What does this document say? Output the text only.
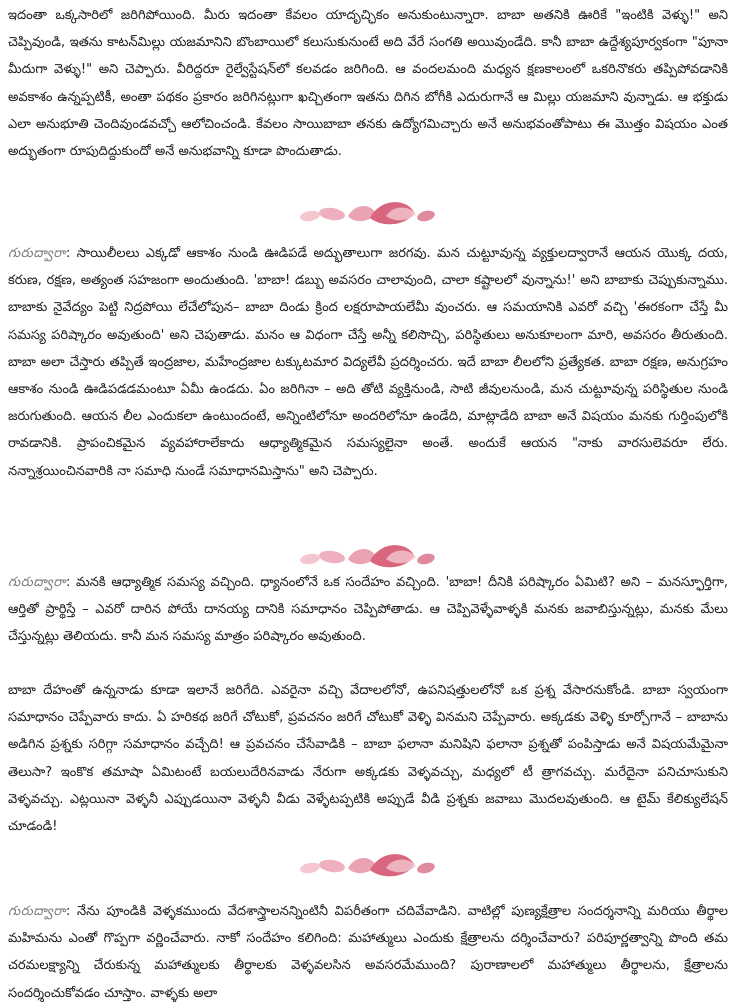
ఇదంతా ఒక్కసారిలో జరిగిపోయింది. మీరు ఇదంతా కేవలం యాదృచ్ఛికం అనుకుంటున్నారా. బాబా అతనికి ఊరికే "ఇంటికి వెళ్ళు!" అని చెప్పివుండి, ఇతను కాటన్‌మిల్లు యజమానిని బొంబాయిలో కలుసుకునుంటే అది వేరే సంగతి అయివుండేది. కానీ బాబా ఉద్దేశ్యపూర్వకంగా "పూనా మీదుగా వెళ్ళు!" అని చెప్పారు. వీరిద్దరూ రైల్వేస్టేషన్‌లో కలవడం జరిగింది. ఆ వందలమంది మధ్యన క్షణకాలంలో ఒకరినొకరు తప్పిపోవడానికి అవకాశం ఉన్నప్పటికీ, అంతా పథకం ప్రకారం జరిగినట్లుగా ఖచ్చితంగా ఇతను దిగిన బోగీకి ఎదురుగానే ఆ మిల్లు యజమాని వున్నాడు. ఆ భక్తుడు ఎలా అనుభూతి చెందివుండవచ్చో ఆలోచించండి. కేవలం సాయిబాబా తనకు ఉద్యోగమిచ్చారు అనే అనుభవంతోపాటు ఈ మొత్తం విషయం ఎంత అద్భుతంగా రూపుదిద్దుకుందో అనే అనుభవాన్ని కూడా పొందుతాడు.

గురుద్వారా: సాయిలీలలు ఎక్కడో ఆకాశం నుండి ఊడిపడే అద్భుతాలుగా జరగవు. మన చుట్టూవున్న వ్యక్తులద్వారానే ఆయన యొక్క దయ, కరుణ, రక్షణ, అత్యంత సహజంగా అందుతుంది. 'బాబా! డబ్బు అవసరం చాలావుంది, చాలా కష్టాలలో వున్నాను!' అని బాబాకు చెప్పుకున్నాము. బాబాకు నైవేద్యం పెట్టి నిద్రపోయి లేచేలోపున– బాబా దిండు క్రింద లక్షరూపాయలేమీ వుంచరు. ఆ సమయానికి ఎవరో వచ్చి 'ఈరకంగా చేస్తే మీ సమస్య పరిష్కారం అవుతుంది' అని చెపుతాడు. మనం ఆ విధంగా చేస్తే అన్నీ కలిసొచ్చి, పరిస్థితులు అనుకూలంగా మారి, అవసరం తీరుతుంది. బాబా అలా చేస్తారు తప్పితే ఇంద్రజాల, మహేంద్రజాల టక్కుటమార విద్యలేవీ ప్రదర్శించరు. ఇదే బాబా లీలలోని ప్రత్యేకత. బాబా రక్షణ, అనుగ్రహం ఆకాశం నుండి ఊడిపడడమంటూ ఏమీ ఉండదు. ఏం జరిగినా – అది తోటి వ్యక్తినుండి, సాటి జీవులనుండి, మన చుట్టూవున్న పరిస్థితుల నుండి జరుగుతుంది. ఆయన లీల ఎందుకలా ఉంటుందంటే, అన్నింటిలోనూ అందరిలోనూ ఉండేది, మాట్లాడేది బాబా అనే విషయం మనకు గుర్తింపులోకి రావడానికి. ప్రాపంచికమైన వ్యవహారాలేకాదు ఆధ్యాత్మికమైన సమస్యలైనా అంతే. అందుకే ఆయన "నాకు వారసులెవరూ లేరు. నన్నాశ్రయించినవారికి నా సమాధి నుండే సమాధానమిస్తాను" అని చెప్పారు.

గురుద్వారా: మనకి ఆధ్యాత్మిక సమస్య వచ్చింది. ధ్యానంలోనే ఒక సందేహం వచ్చింది. 'బాబా! దీనికి పరిష్కారం ఏమిటి? అని – మనస్ఫూర్తిగా, ఆర్తితో ప్రార్థిస్తే – ఎవరో దారిన పోయే దానయ్య దానికి సమాధానం చెప్పిపోతాడు. ఆ చెప్పివెళ్ళేవాళ్ళకి మనకు జవాబిస్తున్నట్లు, మనకు మేలు చేస్తున్నట్లు తెలియదు. కానీ మన సమస్య మాత్రం పరిష్కారం అవుతుంది.

బాబా దేహంతో ఉన్ననాడు కూడా ఇలానే జరిగేది. ఎవరైనా వచ్చి వేదాలలోనో, ఉపనిషత్తులలోనో ఒక ప్రశ్న వేసారనుకోండి. బాబా స్వయంగా సమాధానం చెప్పేవారు కాదు. ఏ హరికథ జరిగే చోటుకో, ప్రవచనం జరిగే చోటుకో వెళ్ళి వినమని చెప్పేవారు. అక్కడకు వెళ్ళి కూర్చోగానే – బాబాను అడిగిన ప్రశ్నకు సరిగ్గా సమాధానం వచ్చేది! ఆ ప్రవచనం చేసేవాడికి – బాబా ఫలానా మనిషిని ఫలానా ప్రశ్నతో పంపిస్తాడు అనే విషయమేమైనా తెలుసా? ఇంకొక తమాషా ఏమిటంటే బయలుదేరినవాడు నేరుగా అక్కడకు వెళ్ళవచ్చు, మధ్యలో టీ త్రాగవచ్చు. మరేదైనా పనిచూసుకుని వెళ్ళవచ్చు. ఎట్లయినా వెళ్ళనీ ఎప్పుడయినా వెళ్ళనీ వీడు వెళ్ళేటప్పటికి అప్పుడే వీడి ప్రశ్నకు జవాబు మొదలవుతుంది. ఆ టైమ్ కేలిక్యులేషన్ చూడండి!

గురుద్వారా: నేను పూండికి వెళ్ళకముందు వేదశాస్త్రాలనన్నింటినీ విపరీతంగా చదివేవాడిని. వాటిల్లో పుణ్యక్షేత్రాల సందర్శనాన్ని మరియు తీర్థాల మహిమను ఎంతో గొప్పగా వర్ణించేవారు. నాకో సందేహం కలిగింది: మహాత్ములు ఎందుకు క్షేత్రాలను దర్శించేవారు? పరిపూర్ణత్వాన్ని పొంది తమ చరమలక్ష్యాన్ని చేరుకున్న మహాత్ములకు తీర్థాలకు వెళ్ళవలసిన అవసరమేముంది? పురాణాలలో మహాత్ములు తీర్థాలను, క్షేత్రాలను సందర్శించుకోవడం చూస్తాం. వాళ్ళకు అలా
